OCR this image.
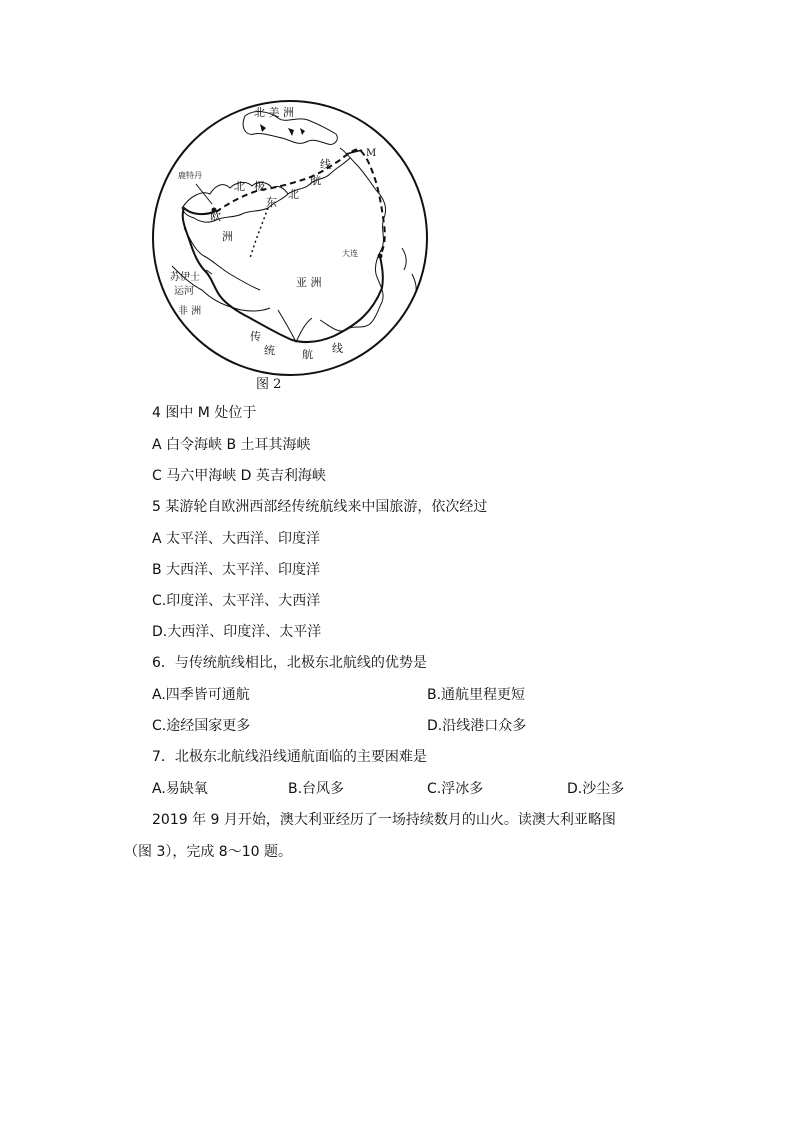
北 美 洲
M
线
航
北
北 极
东
鹿特丹
欧
洲
大连
亚 洲
苏伊士
运河
非 洲
传
统 航 线
图 2
4 图中 M 处位于
A 白令海峡 B 土耳其海峡
C 马六甲海峡 D 英吉利海峡
5 某游轮自欧洲西部经传统航线来中国旅游，依次经过
A 太平洋、大西洋、印度洋
B 大西洋、太平洋、印度洋
C.印度洋、太平洋、大西洋
D.大西洋、印度洋、太平洋
6．与传统航线相比，北极东北航线的优势是
A.四季皆可通航	B.通航里程更短
C.途经国家更多	D.沿线港口众多
7．北极东北航线沿线通航面临的主要困难是
A.易缺氧	B.台风多	C.浮冰多	D.沙尘多
2019 年 9 月开始，澳大利亚经历了一场持续数月的山火。读澳大利亚略图
（图 3），完成 8～10 题。
